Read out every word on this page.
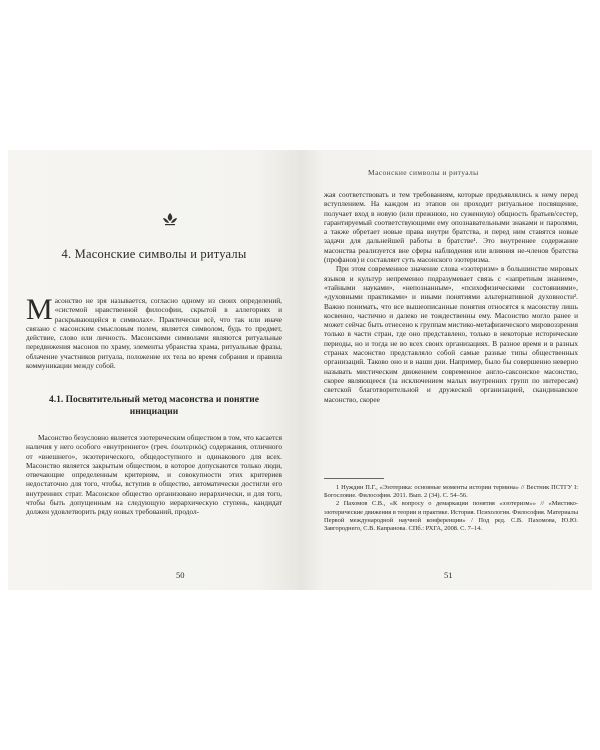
4. Масонские символы и ритуалы

М асонство не зря называется, согласно одному из своих определений, «системой нравственной философии, скрытой в аллегориях и раскрывающейся в символах». Практически всё, что так или иначе связано с масонским смысловым полем, является символом, будь то предмет, действие, слово или личность. Масонскими символами являются ритуальные передвижения масонов по храму, элементы убранства храма, ритуальные фразы, облачение участников ритуала, положение их тела во время собрания и правила коммуникации между собой.

4.1. Посвятительный метод масонства и понятие инициации

Масонство безусловно является эзотерическим обществом в том, что касается наличия у него особого «внутреннего» (греч. ἐσωτερικός) содержания, отличного от «внешнего», экзотерического, общедоступного и одинакового для всех. Масонство является закрытым обществом, в которое допускаются только люди, отвечающие определенным критериям, и совокупности этих критериев недостаточно для того, чтобы, вступив в общество, автоматически достигли его внутренних страт. Масонское общество организовано иерархически, и для того, чтобы быть допущенным на следующую иерархическую ступень, кандидат должен удовлетворить ряду новых требований, продол-

50
Масонские символы и ритуалы

жая соответствовать и тем требованиям, которые предъявлялись к нему перед вступлением. На каждом из этапов он проходит ритуальное посвящение, получает вход в новую (или прежнюю, но суженную) общность братьев/сестер, гарантируемый соответствующими ему опознавательными знаками и паролями, а также обретает новые права внутри братства, и перед ним ставятся новые задачи для дальнейшей работы в братстве¹. Это внутреннее содержание масонства реализуется вне сферы наблюдения или влияния не-членов братства (профанов) и составляет суть масонского эзотеризма.

При этом современное значение слова «эзотеризм» в большинстве мировых языков и культур непременно подразумевает связь с «запретным знанием», «тайными науками», «непознанным», «психофизическими состояниями», «духовными практиками» и иными понятиями альтернативной духовности². Важно понимать, что все вышеописанные понятия относятся к масонству лишь косвенно, частично и далеко не тождественны ему. Масонство могло ранее и может сейчас быть отнесено к группам мистико-метафизического мировоззрения только в части стран, где оно представлено, только в некоторые исторические периоды, но и тогда не во всех своих организациях. В разное время и в разных странах масонство представляло собой самые разные типы общественных организаций. Таково оно и в наши дни. Например, было бы совершенно неверно называть мистическим движением современное англо-саксонское масонство, скорее являющееся (за исключением малых внутренних групп по интересам) светской благотворительной и дружеской организацией, скандинавское масонство, скорее

1 Нуждин П.Г., «Эзотерика: основные моменты истории термина» // Вестник ПСТГУ I: Богословие. Философия. 2011. Вып. 2 (34). С. 54–56.

2 Пахомов С.В., «К вопросу о демаркации понятия «эзотеризм»» // «Мистико-эзотерические движения в теории и практике. История. Психология. Философия. Материалы Первой международной научной конференции» / Под ред. С.В. Пахомова, Ю.Ю. Завгороднего, С.В. Капранова. СПб.: РХГА, 2008. С. 7–14.

51
